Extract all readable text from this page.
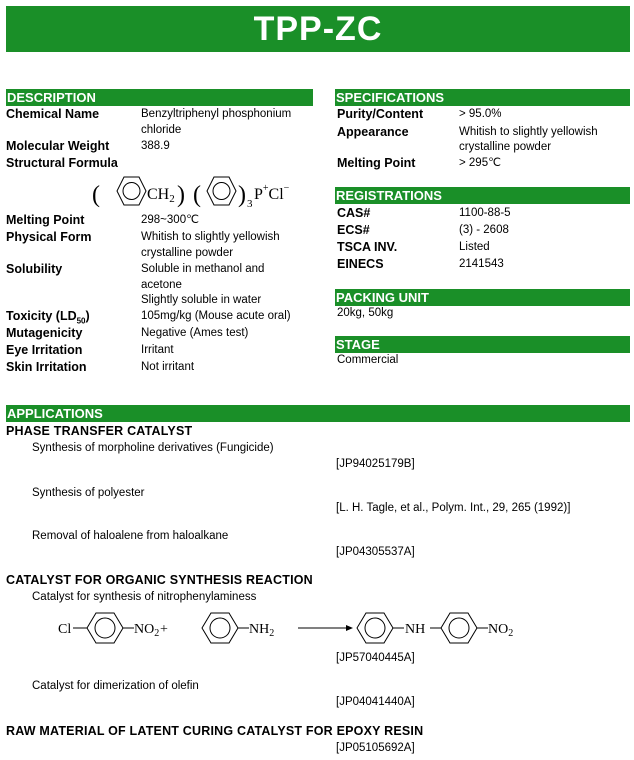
TPP-ZC
DESCRIPTION
Chemical Name	Benzyltriphenyl phosphonium
chloride
Molecular Weight	388.9
Structural Formula
(	CH2 ) ( ) 3
P+Cl−
Melting Point	298~300℃
Physical Form	Whitish to slightly yellowish
crystalline powder
Solubility	Soluble in methanol and
acetone
Slightly soluble in water
Toxicity $(LD_{50})$	105mg/kg (Mouse acute oral)
Mutagenicity	Negative (Ames test)
Eye Irritation	Irritant
Skin Irritation	Not irritant
SPECIFICATIONS
Purity/Content	> 95.0%
Appearance	Whitish to slightly yellowish
crystalline powder
Melting Point	> 295℃
REGISTRATIONS
CAS#	1100-88-5
ECS#	(3) - 2608
TSCA INV.	Listed
EINECS	2141543
PACKING UNIT
20kg, 50kg
STAGE
Commercial
APPLICATIONS
PHASE TRANSFER CATALYST
Synthesis of morpholine derivatives (Fungicide)
[JP94025179B]
Synthesis of polyester
[L. H. Tagle, et al., Polym. Int., 29, 265 (1992)]
Removal of haloalene from haloalkane
[JP04305537A]
CATALYST FOR ORGANIC SYNTHESIS REACTION
Catalyst for synthesis of nitrophenylaminess
Cl	$NO_2$ +	$NH_2$	NH	$NO_2$
[JP57040445A]
Catalyst for dimerization of olefin
[JP04041440A]
RAW MATERIAL OF LATENT CURING CATALYST FOR EPOXY RESIN
[JP05105692A]
